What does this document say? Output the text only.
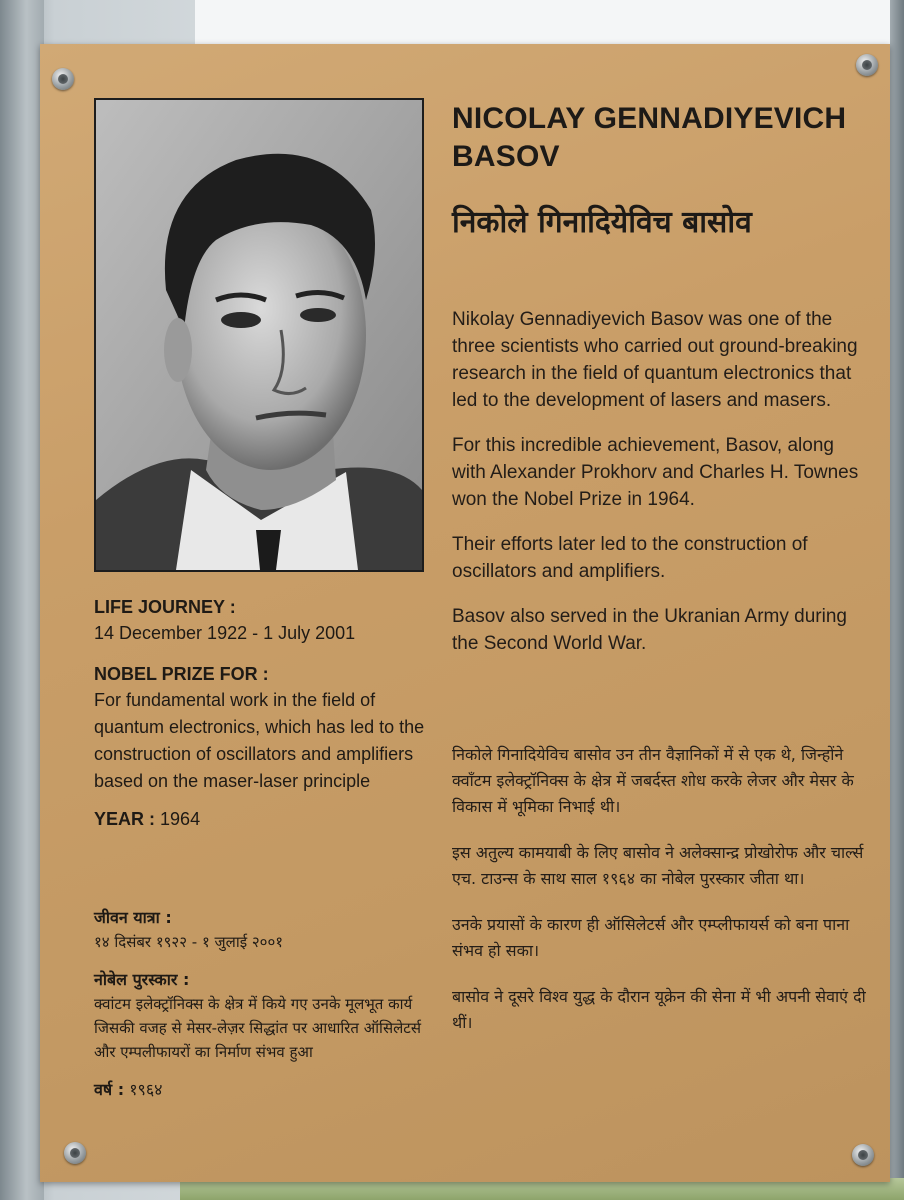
NICOLAY GENNADIYEVICH BASOV
निकोले गिनादियेविच बासोव

Nikolay Gennadiyevich Basov was one of the three scientists who carried out ground-breaking research in the field of quantum electronics that led to the development of lasers and masers.

For this incredible achievement, Basov, along with Alexander Prokhorv and Charles H. Townes won the Nobel Prize in 1964.

Their efforts later led to the construction of oscillators and amplifiers.

Basov also served in the Ukranian Army during the Second World War.

निकोले गिनादियेविच बासोव उन तीन वैज्ञानिकों में से एक थे, जिन्होंने क्वाँटम इलेक्ट्रॉनिक्स के क्षेत्र में जबर्दस्त शोध करके लेजर और मेसर के विकास में भूमिका निभाई थी।

इस अतुल्य कामयाबी के लिए बासोव ने अलेक्सान्द्र प्रोखोरोफ और चार्ल्स एच. टाउन्स के साथ साल १९६४ का नोबेल पुरस्कार जीता था।

उनके प्रयासों के कारण ही ऑसिलेटर्स और एम्प्लीफायर्स को बना पाना संभव हो सका।

बासोव ने दूसरे विश्व युद्ध के दौरान यूक्रेन की सेना में भी अपनी सेवाएं दी थीं।

LIFE JOURNEY :
14 December 1922 - 1 July 2001
NOBEL PRIZE FOR :
For fundamental work in the field of quantum electronics, which has led to the construction of oscillators and amplifiers based on the maser-laser principle
YEAR : 1964
जीवन यात्रा :
१४ दिसंबर १९२२ - १ जुलाई २००१
नोबेल पुरस्कार :
क्वांटम इलेक्ट्रॉनिक्स के क्षेत्र में किये गए उनके मूलभूत कार्य जिसकी वजह से मेसर-लेज़र सिद्धांत पर आधारित ऑसिलेटर्स और एम्पलीफायरों का निर्माण संभव हुआ
वर्ष : १९६४
